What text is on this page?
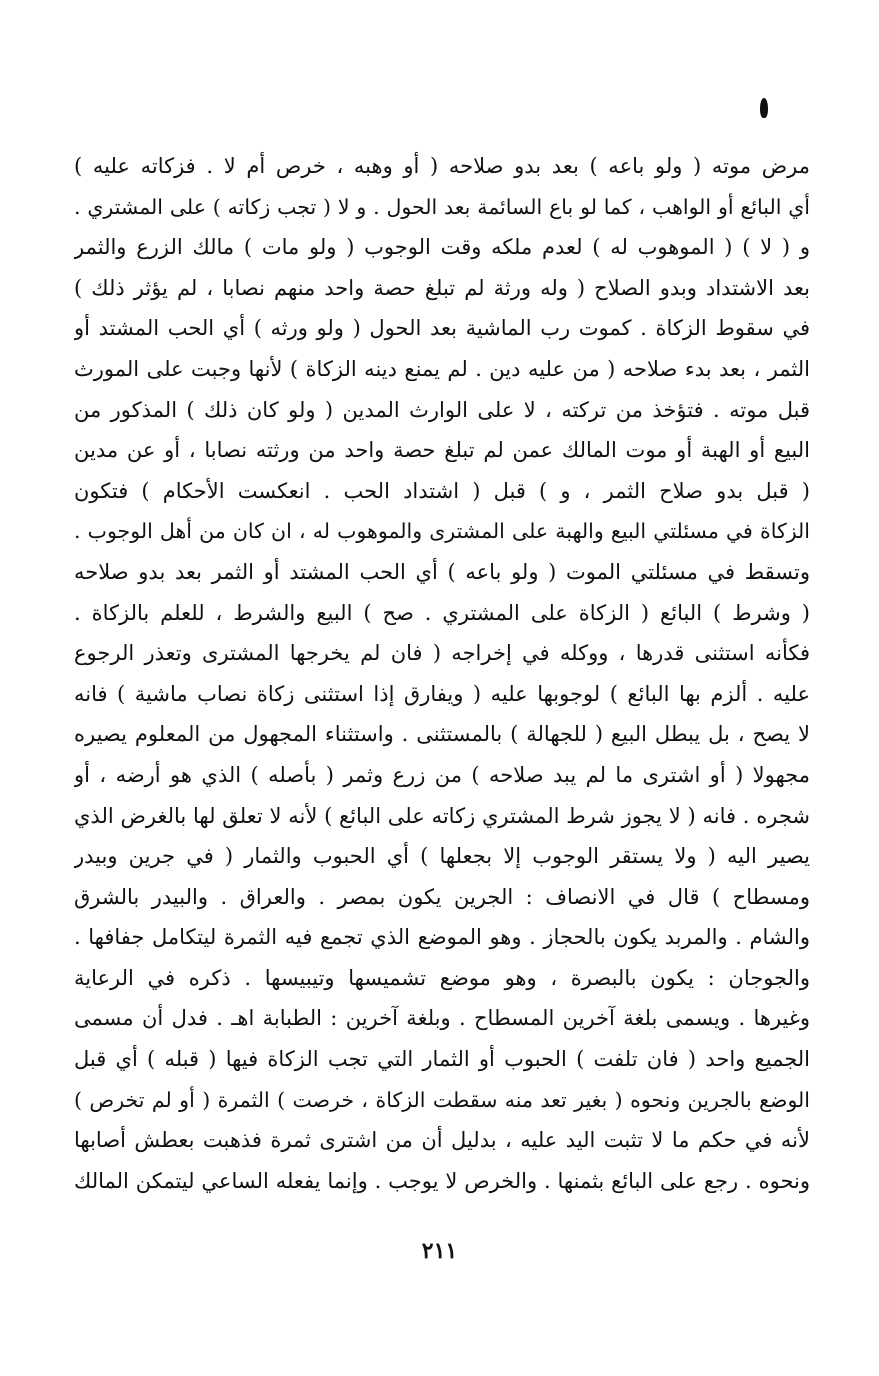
مرض موته ( ولو باعه ) بعد بدو صلاحه ( أو وهبه ، خرص أم لا . فزكاته عليه )
أي البائع أو الواهب ، كما لو باع السائمة بعد الحول . و لا ( تجب زكاته ) على المشتري .
و ( لا ) ( الموهوب له ) لعدم ملكه وقت الوجوب ( ولو مات ) مالك الزرع والثمر
بعد الاشتداد وبدو الصلاح ( وله ورثة لم تبلغ حصة واحد منهم نصابا ، لم يؤثر ذلك )
في سقوط الزكاة . كموت رب الماشية بعد الحول ( ولو ورثه ) أي الحب المشتد أو
الثمر ، بعد بدء صلاحه ( من عليه دين . لم يمنع دينه الزكاة ) لأنها وجبت على المورث
قبل موته . فتؤخذ من تركته ، لا على الوارث المدين ( ولو كان ذلك ) المذكور من
البيع أو الهبة أو موت المالك عمن لم تبلغ حصة واحد من ورثته نصابا ، أو عن مدين
( قبل بدو صلاح الثمر ، و ) قبل ( اشتداد الحب . انعكست الأحكام ) فتكون
الزكاة في مسئلتي البيع والهبة على المشترى والموهوب له ، ان كان من أهل الوجوب .
وتسقط في مسئلتي الموت ( ولو باعه ) أي الحب المشتد أو الثمر بعد بدو صلاحه
( وشرط ) البائع ( الزكاة على المشتري . صح ) البيع والشرط ، للعلم بالزكاة .
فكأنه استثنى قدرها ، ووكله في إخراجه ( فان لم يخرجها المشترى وتعذر الرجوع
عليه . ألزم بها البائع ) لوجوبها عليه ( ويفارق إذا استثنى زكاة نصاب ماشية ) فانه
لا يصح ، بل يبطل البيع ( للجهالة ) بالمستثنى . واستثناء المجهول من المعلوم يصيره
مجهولا ( أو اشترى ما لم يبد صلاحه ) من زرع وثمر ( بأصله ) الذي هو أرضه ، أو
شجره . فانه ( لا يجوز شرط المشتري زكاته على البائع ) لأنه لا تعلق لها بالغرض الذي
يصير اليه ( ولا يستقر الوجوب إلا بجعلها ) أي الحبوب والثمار ( في جرين وبيدر
ومسطاح ) قال في الانصاف : الجرين يكون بمصر . والعراق . والبيدر بالشرق
والشام . والمربد يكون بالحجاز . وهو الموضع الذي تجمع فيه الثمرة ليتكامل جفافها .
والجوجان : يكون بالبصرة ، وهو موضع تشميسها وتيبيسها . ذكره في الرعاية
وغيرها . ويسمى بلغة آخرين المسطاح . وبلغة آخرين : الطبابة اهـ . فدل أن مسمى
الجميع واحد ( فان تلفت ) الحبوب أو الثمار التي تجب الزكاة فيها ( قبله ) أي قبل
الوضع بالجرين ونحوه ( بغير تعد منه سقطت الزكاة ، خرصت ) الثمرة ( أو لم تخرص )
لأنه في حكم ما لا تثبت اليد عليه ، بدليل أن من اشترى ثمرة فذهبت بعطش أصابها
ونحوه . رجع على البائع بثمنها . والخرص لا يوجب . وإنما يفعله الساعي ليتمكن المالك
٢١١
